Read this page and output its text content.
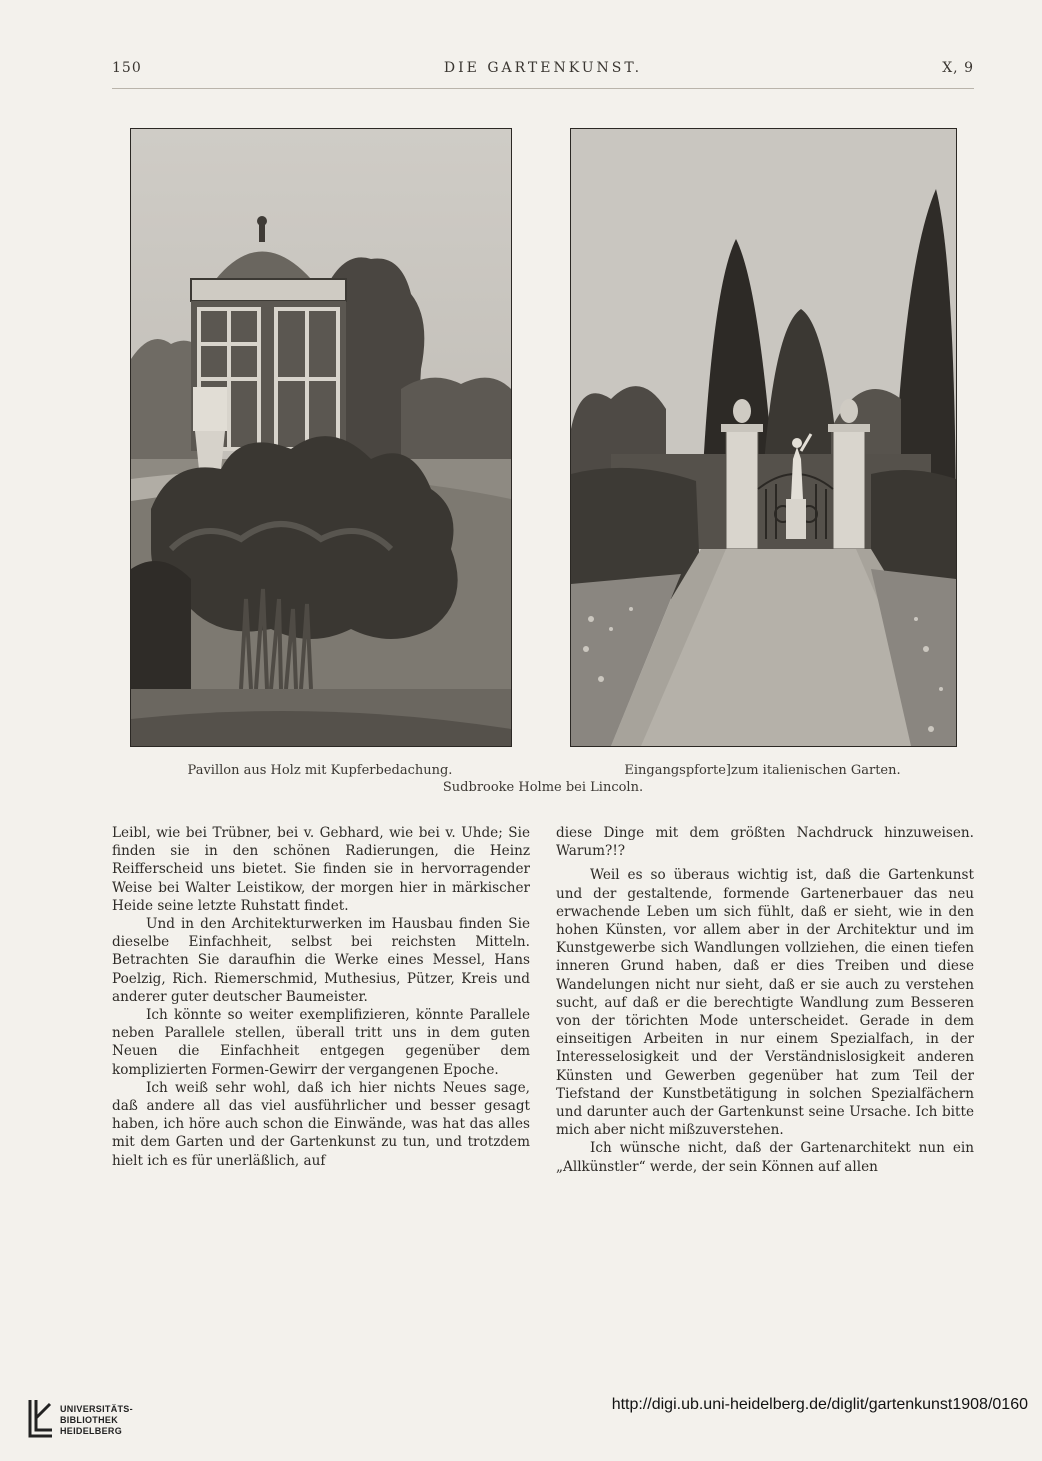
150	DIE GARTENKUNST.	X, 9
Pavillon aus Holz mit Kupferbedachung.	Eingangspforte]zum italienischen Garten.
Sudbrooke Holme bei Lincoln.

Leibl, wie bei Trübner, bei v. Gebhard, wie bei v. Uhde; Sie finden sie in den schönen Radierungen, die Heinz Reifferscheid uns bietet. Sie finden sie in hervorragender Weise bei Walter Leistikow, der morgen hier in märkischer Heide seine letzte Ruhstatt findet.

Und in den Architekturwerken im Hausbau finden Sie dieselbe Einfachheit, selbst bei reichsten Mitteln. Betrachten Sie daraufhin die Werke eines Messel, Hans Poelzig, Rich. Riemerschmid, Muthesius, Pützer, Kreis und anderer guter deutscher Baumeister.

Ich könnte so weiter exemplifizieren, könnte Parallele neben Parallele stellen, überall tritt uns in dem guten Neuen die Einfachheit entgegen gegenüber dem komplizierten Formen-Gewirr der vergangenen Epoche.

Ich weiß sehr wohl, daß ich hier nichts Neues sage, daß andere all das viel ausführlicher und besser gesagt haben, ich höre auch schon die Einwände, was hat das alles mit dem Garten und der Gartenkunst zu tun, und trotzdem hielt ich es für unerläßlich, auf

diese Dinge mit dem größten Nachdruck hinzuweisen. Warum?!?

Weil es so überaus wichtig ist, daß die Gartenkunst und der gestaltende, formende Gartenerbauer das neu erwachende Leben um sich fühlt, daß er sieht, wie in den hohen Künsten, vor allem aber in der Architektur und im Kunstgewerbe sich Wandlungen vollziehen, die einen tiefen inneren Grund haben, daß er dies Treiben und diese Wandelungen nicht nur sieht, daß er sie auch zu verstehen sucht, auf daß er die berechtigte Wandlung zum Besseren von der törichten Mode unterscheidet. Gerade in dem einseitigen Arbeiten in nur einem Spezialfach, in der Interesselosigkeit und der Verständnislosigkeit anderen Künsten und Gewerben gegenüber hat zum Teil der Tiefstand der Kunstbetätigung in solchen Spezialfächern und darunter auch der Gartenkunst seine Ursache. Ich bitte mich aber nicht mißzuverstehen.

Ich wünsche nicht, daß der Gartenarchitekt nun ein „Allkünstler“ werde, der sein Können auf allen

UNIVERSITÄTS-
BIBLIOTHEK
HEIDELBERG
http://digi.ub.uni-heidelberg.de/diglit/gartenkunst1908/0160
